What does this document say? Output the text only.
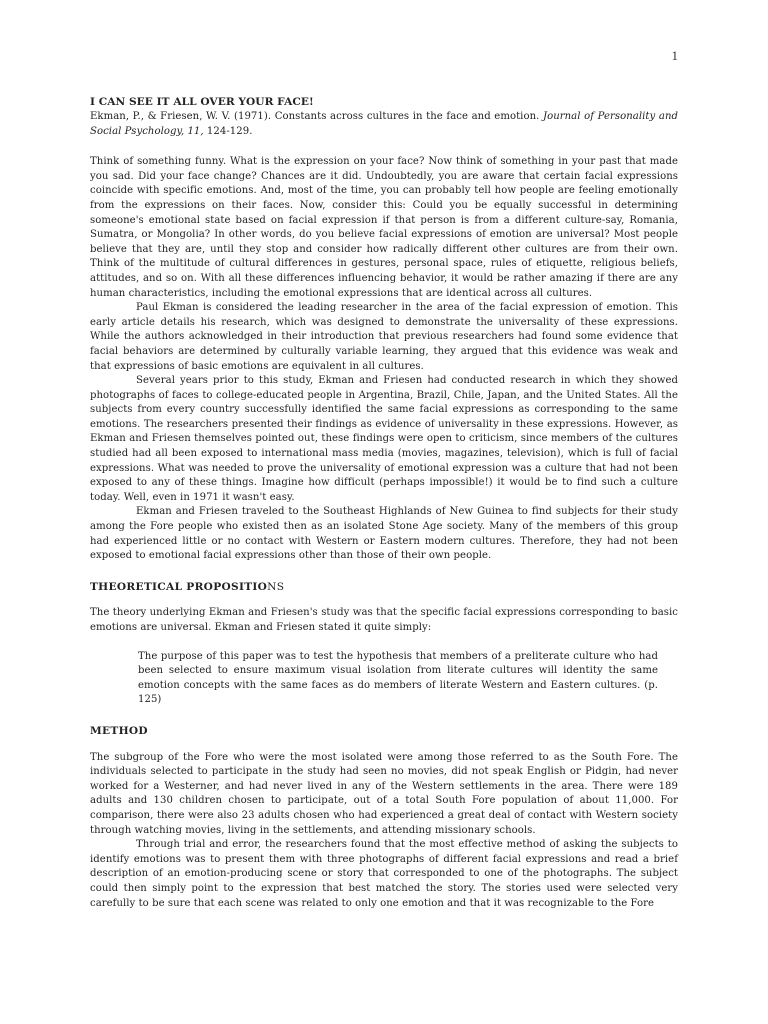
1
I CAN SEE IT ALL OVER YOUR FACE!

Ekman, P., & Friesen, W. V. (1971). Constants across cultures in the face and emotion. Journal of Personality and Social Psychology, 11, 124-129.

Think of something funny. What is the expression on your face? Now think of something in your past that made you sad. Did your face change? Chances are it did. Undoubtedly, you are aware that certain facial expressions coincide with specific emotions. And, most of the time, you can probably tell how people are feeling emotionally from the expressions on their faces. Now, consider this: Could you be equally successful in determining someone's emotional state based on facial expression if that person is from a different culture-say, Romania, Sumatra, or Mongolia? In other words, do you believe facial expressions of emotion are universal? Most people believe that they are, until they stop and consider how radically different other cultures are from their own. Think of the multitude of cultural differences in gestures, personal space, rules of etiquette, religious beliefs, attitudes, and so on. With all these differences influencing behavior, it would be rather amazing if there are any human characteristics, including the emotional expressions that are identical across all cultures.

Paul Ekman is considered the leading researcher in the area of the facial expression of emotion. This early article details his research, which was designed to demonstrate the universality of these expressions. While the authors acknowledged in their introduction that previous researchers had found some evidence that facial behaviors are determined by culturally variable learning, they argued that this evidence was weak and that expressions of basic emotions are equivalent in all cultures.

Several years prior to this study, Ekman and Friesen had conducted research in which they showed photographs of faces to college-educated people in Argentina, Brazil, Chile, Japan, and the United States. All the subjects from every country successfully identified the same facial expressions as corresponding to the same emotions. The researchers presented their findings as evidence of universality in these expressions. However, as Ekman and Friesen themselves pointed out, these findings were open to criticism, since members of the cultures studied had all been exposed to international mass media (movies, magazines, television), which is full of facial expressions. What was needed to prove the universality of emotional expression was a culture that had not been exposed to any of these things. Imagine how difficult (perhaps impossible!) it would be to find such a culture today. Well, even in 1971 it wasn't easy.

Ekman and Friesen traveled to the Southeast Highlands of New Guinea to find subjects for their study among the Fore people who existed then as an isolated Stone Age society. Many of the members of this group had experienced little or no contact with Western or Eastern modern cultures. Therefore, they had not been exposed to emotional facial expressions other than those of their own people.

THEORETICAL PROPOSITIONS

The theory underlying Ekman and Friesen's study was that the specific facial expressions corresponding to basic emotions are universal. Ekman and Friesen stated it quite simply:

The purpose of this paper was to test the hypothesis that members of a preliterate culture who had been selected to ensure maximum visual isolation from literate cultures will identity the same emotion concepts with the same faces as do members of literate Western and Eastern cultures. (p. 125)

METHOD

The subgroup of the Fore who were the most isolated were among those referred to as the South Fore. The individuals selected to participate in the study had seen no movies, did not speak English or Pidgin, had never worked for a Westerner, and had never lived in any of the Western settlements in the area. There were 189 adults and 130 children chosen to participate, out of a total South Fore population of about 11,000. For comparison, there were also 23 adults chosen who had experienced a great deal of contact with Western society through watching movies, living in the settlements, and attending missionary schools.

Through trial and error, the researchers found that the most effective method of asking the subjects to identify emotions was to present them with three photographs of different facial expressions and read a brief description of an emotion-producing scene or story that corresponded to one of the photographs. The subject could then simply point to the expression that best matched the story. The stories used were selected very carefully to be sure that each scene was related to only one emotion and that it was recognizable to the Fore
